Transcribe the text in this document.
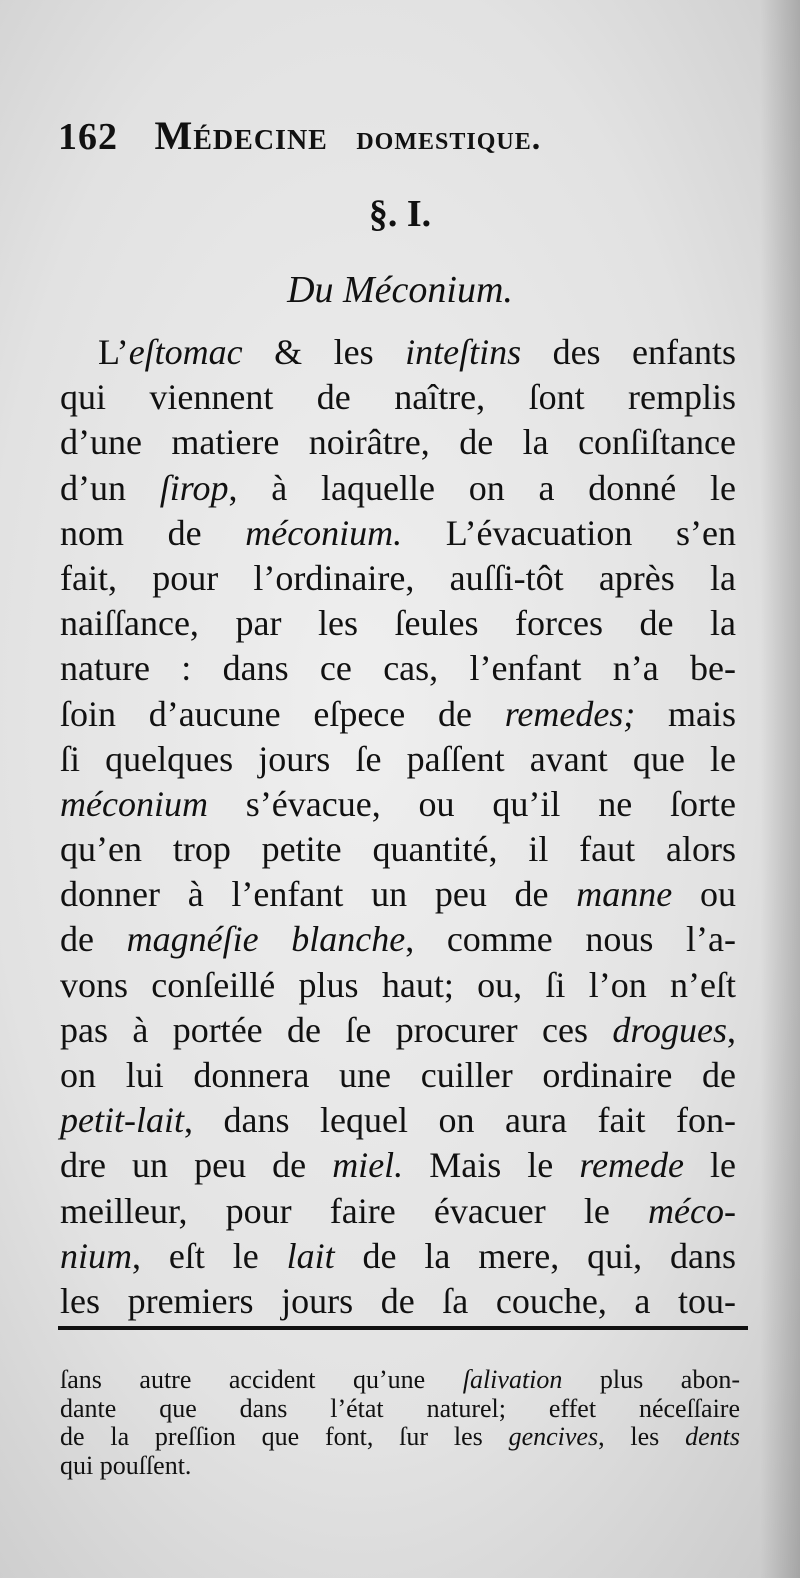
162 Médecine domestique.
§. I.
Du Méconium.
L’eſtomac & les inteſtins des enfants
qui viennent de naître, ſont remplis
d’une matiere noirâtre, de la conſiſtance
d’un ſirop, à laquelle on a donné le
nom de méconium. L’évacuation s’en
fait, pour l’ordinaire, auſſi-tôt après la
naiſſance, par les ſeules forces de la
nature : dans ce cas, l’enfant n’a be-
ſoin d’aucune eſpece de remedes; mais
ſi quelques jours ſe paſſent avant que le
méconium s’évacue, ou qu’il ne ſorte
qu’en trop petite quantité, il faut alors
donner à l’enfant un peu de manne ou
de magnéſie blanche, comme nous l’a-
vons conſeillé plus haut; ou, ſi l’on n’eſt
pas à portée de ſe procurer ces drogues,
on lui donnera une cuiller ordinaire de
petit-lait, dans lequel on aura fait fon-
dre un peu de miel. Mais le remede le
meilleur, pour faire évacuer le méco-
nium, eſt le lait de la mere, qui, dans
les premiers jours de ſa couche, a tou-
ſans autre accident qu’une ſalivation plus abon-
dante que dans l’état naturel; effet néceſſaire
de la preſſion que font, ſur les gencives, les dents
qui pouſſent.
